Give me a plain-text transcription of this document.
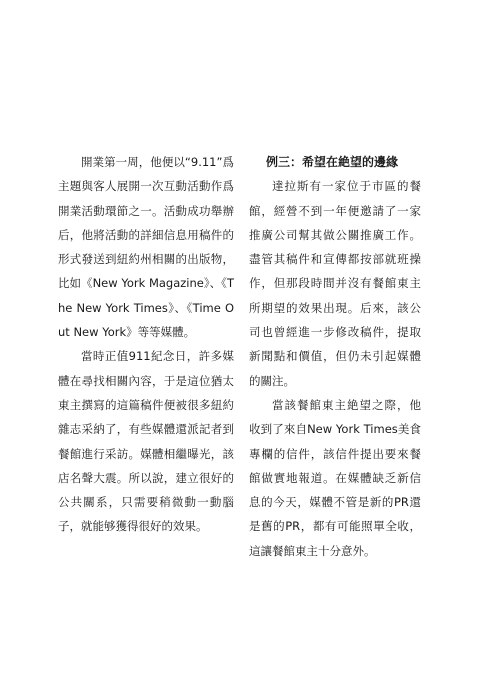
開業第一周，他便以“9.11”爲主題與客人展開一次互動活動作爲開業活動環節之一。活動成功舉辦后，他將活動的詳細信息用稿件的形式發送到紐約州相關的出版物，比如《New York Magazine》、《The New York Times》、《Time Out New York》等等媒體。

當時正值911紀念日，許多媒體在尋找相關內容，于是這位猶太東主撰寫的這篇稿件便被很多紐約雜志采納了，有些媒體還派記者到餐館進行采訪。媒體相繼曝光，該店名聲大震。所以說，建立很好的公共關系，只需要稍微動一動腦子，就能够獲得很好的效果。

例三：希望在絶望的邊緣

達拉斯有一家位于市區的餐館，經營不到一年便邀請了一家推廣公司幫其做公關推廣工作。盡管其稿件和宣傳都按部就班操作，但那段時間并沒有餐館東主所期望的效果出現。后來，該公司也曾經進一步修改稿件，提取新聞點和價值，但仍未引起媒體的關注。

當該餐館東主絶望之際，他收到了來自New York Times美食專欄的信件，該信件提出要來餐館做實地報道。在媒體缺乏新信息的今天，媒體不管是新的PR還是舊的PR，都有可能照單全收，這讓餐館東主十分意外。
